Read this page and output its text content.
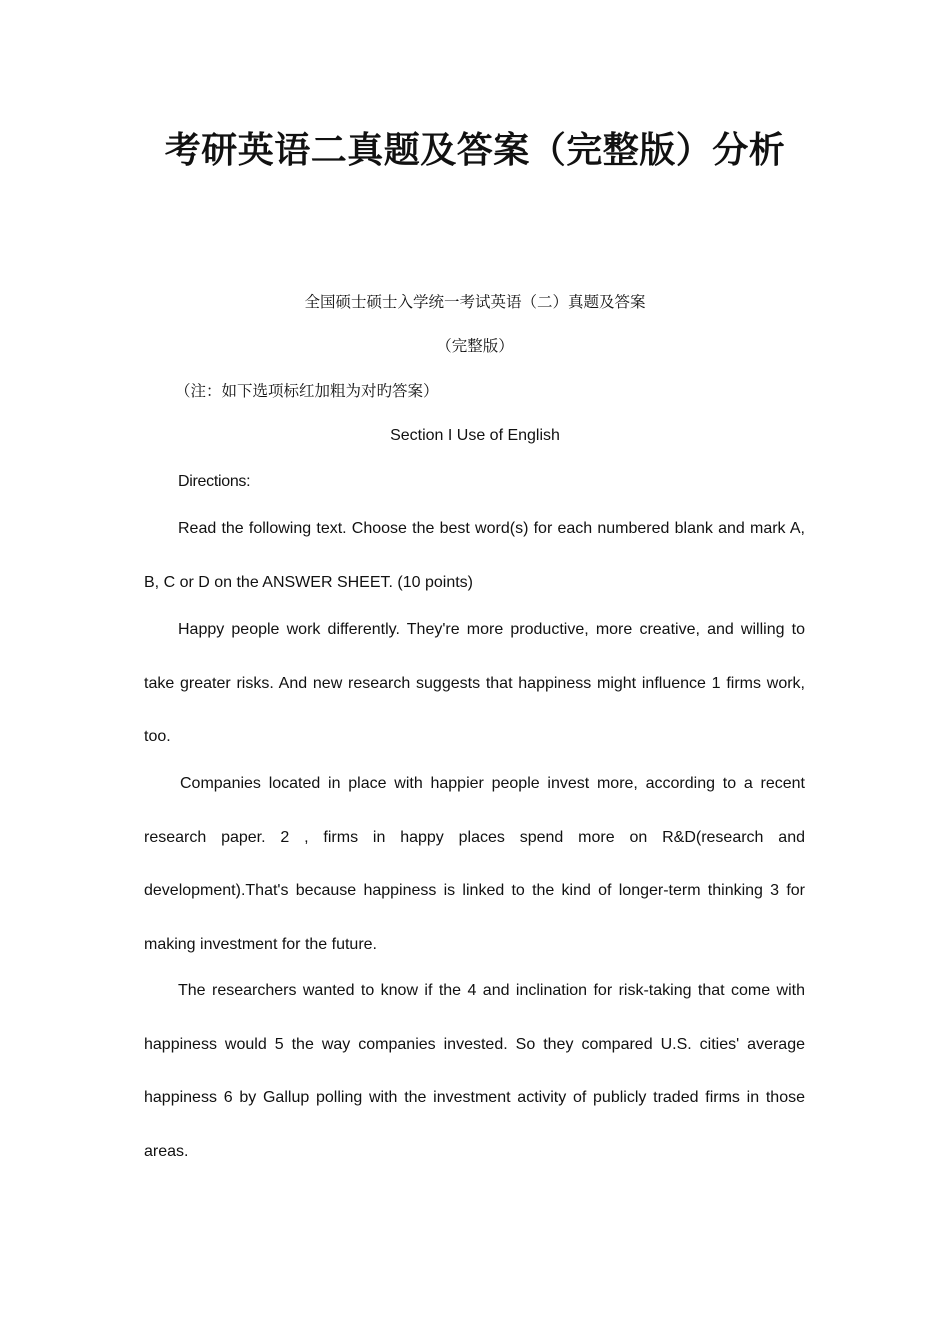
考研英语二真题及答案（完整版）分析

全国硕士硕士入学统一考试英语（二）真题及答案

（完整版）

（注：如下选项标红加粗为对旳答案）

Section I Use of English

Directions:

Read the following text. Choose the best word(s) for each numbered blank and mark A, B, C or D on the ANSWER SHEET. (10 points)

Happy people work differently. They're more productive, more creative, and willing to take greater risks. And new research suggests that happiness might influence 1 firms work, too.

Companies located in place with happier people invest more, according to a recent research paper. 2 , firms in happy places spend more on R&D(research and development).That's because happiness is linked to the kind of longer-term thinking 3 for making investment for the future.

The researchers wanted to know if the 4 and inclination for risk-taking that come with happiness would 5 the way companies invested. So they compared U.S. cities' average happiness 6 by Gallup polling with the investment activity of publicly traded firms in those areas.
